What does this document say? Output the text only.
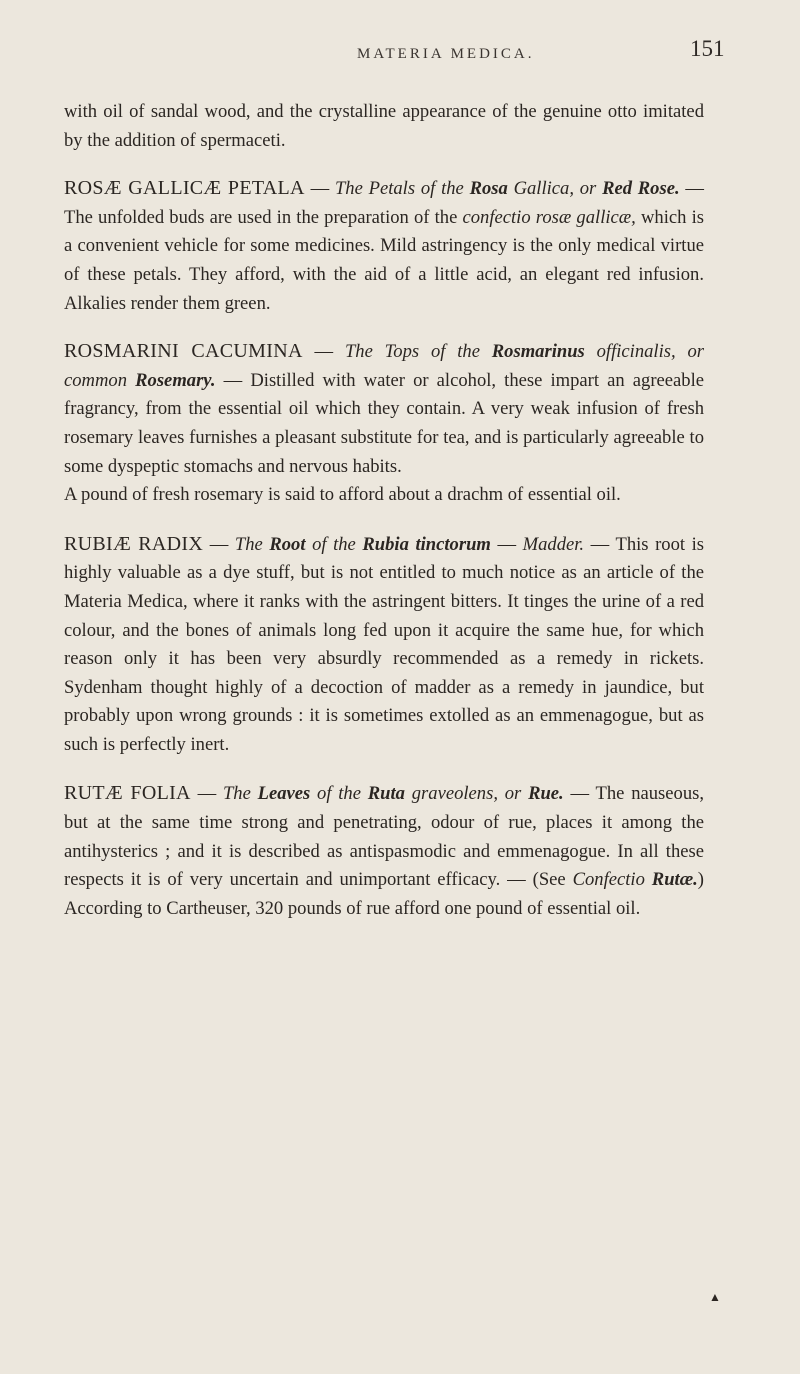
MATERIA MEDICA.	151

with oil of sandal wood, and the crystalline appearance of the genuine otto imitated by the addition of spermaceti.

ROSÆ GALLICÆ PETALA — The Petals of the Rosa Gallica, or Red Rose. — The unfolded buds are used in the preparation of the confectio rosæ gallicæ, which is a convenient vehicle for some medicines. Mild astringency is the only medical virtue of these petals. They afford, with the aid of a little acid, an elegant red infusion. Alkalies render them green.

ROSMARINI CACUMINA — The Tops of the Rosmarinus officinalis, or common Rosemary. — Distilled with water or alcohol, these impart an agreeable fragrancy, from the essential oil which they contain. A very weak infusion of fresh rosemary leaves furnishes a pleasant substitute for tea, and is particularly agreeable to some dyspeptic stomachs and nervous habits.

A pound of fresh rosemary is said to afford about a drachm of essential oil.

RUBIÆ RADIX — The Root of the Rubia tinctorum — Madder. — This root is highly valuable as a dye stuff, but is not entitled to much notice as an article of the Materia Medica, where it ranks with the astringent bitters. It tinges the urine of a red colour, and the bones of animals long fed upon it acquire the same hue, for which reason only it has been very absurdly recommended as a remedy in rickets. Sydenham thought highly of a decoction of madder as a remedy in jaundice, but probably upon wrong grounds : it is sometimes extolled as an emmenagogue, but as such is perfectly inert.

RUTÆ FOLIA — The Leaves of the Ruta graveolens, or Rue. — The nauseous, but at the same time strong and penetrating, odour of rue, places it among the antihysterics ; and it is described as antispasmodic and emmenagogue. In all these respects it is of very uncertain and unimportant efficacy. — (See Confectio Rutæ.) According to Cartheuser, 320 pounds of rue afford one pound of essential oil.

▲
